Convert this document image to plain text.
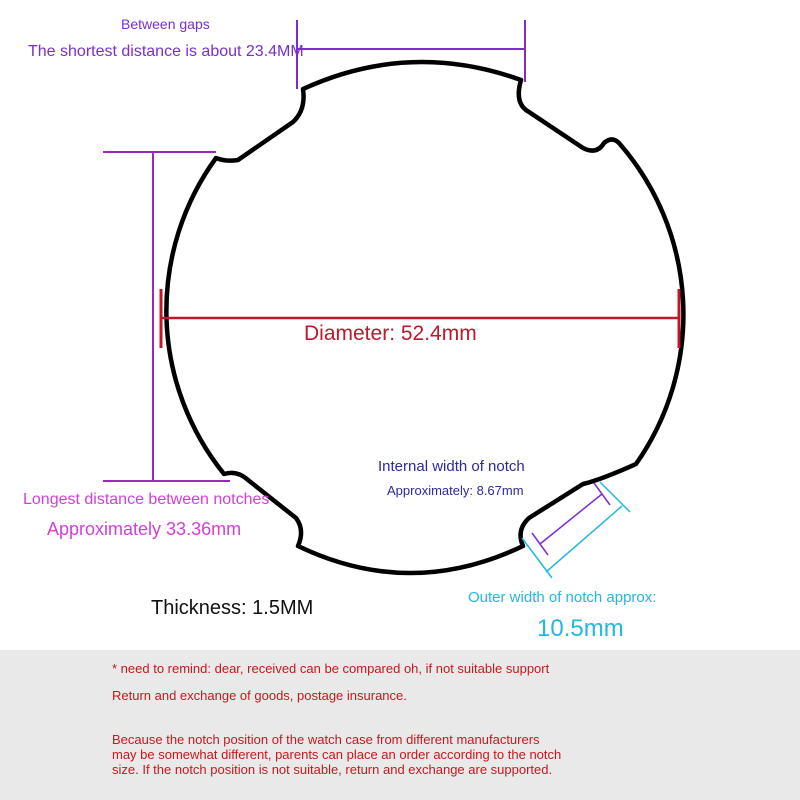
Between gaps
The shortest distance is about 23.4MM
Diameter: 52.4mm
Internal width of notch
Approximately: 8.67mm
Longest distance between notches
Approximately 33.36mm
Thickness: 1.5MM	Outer width of notch approx:
10.5mm
* need to remind: dear, received can be compared oh, if not suitable support
Return and exchange of goods, postage insurance.
Because the notch position of the watch case from different manufacturers
may be somewhat different, parents can place an order according to the notch
size. If the notch position is not suitable, return and exchange are supported.
